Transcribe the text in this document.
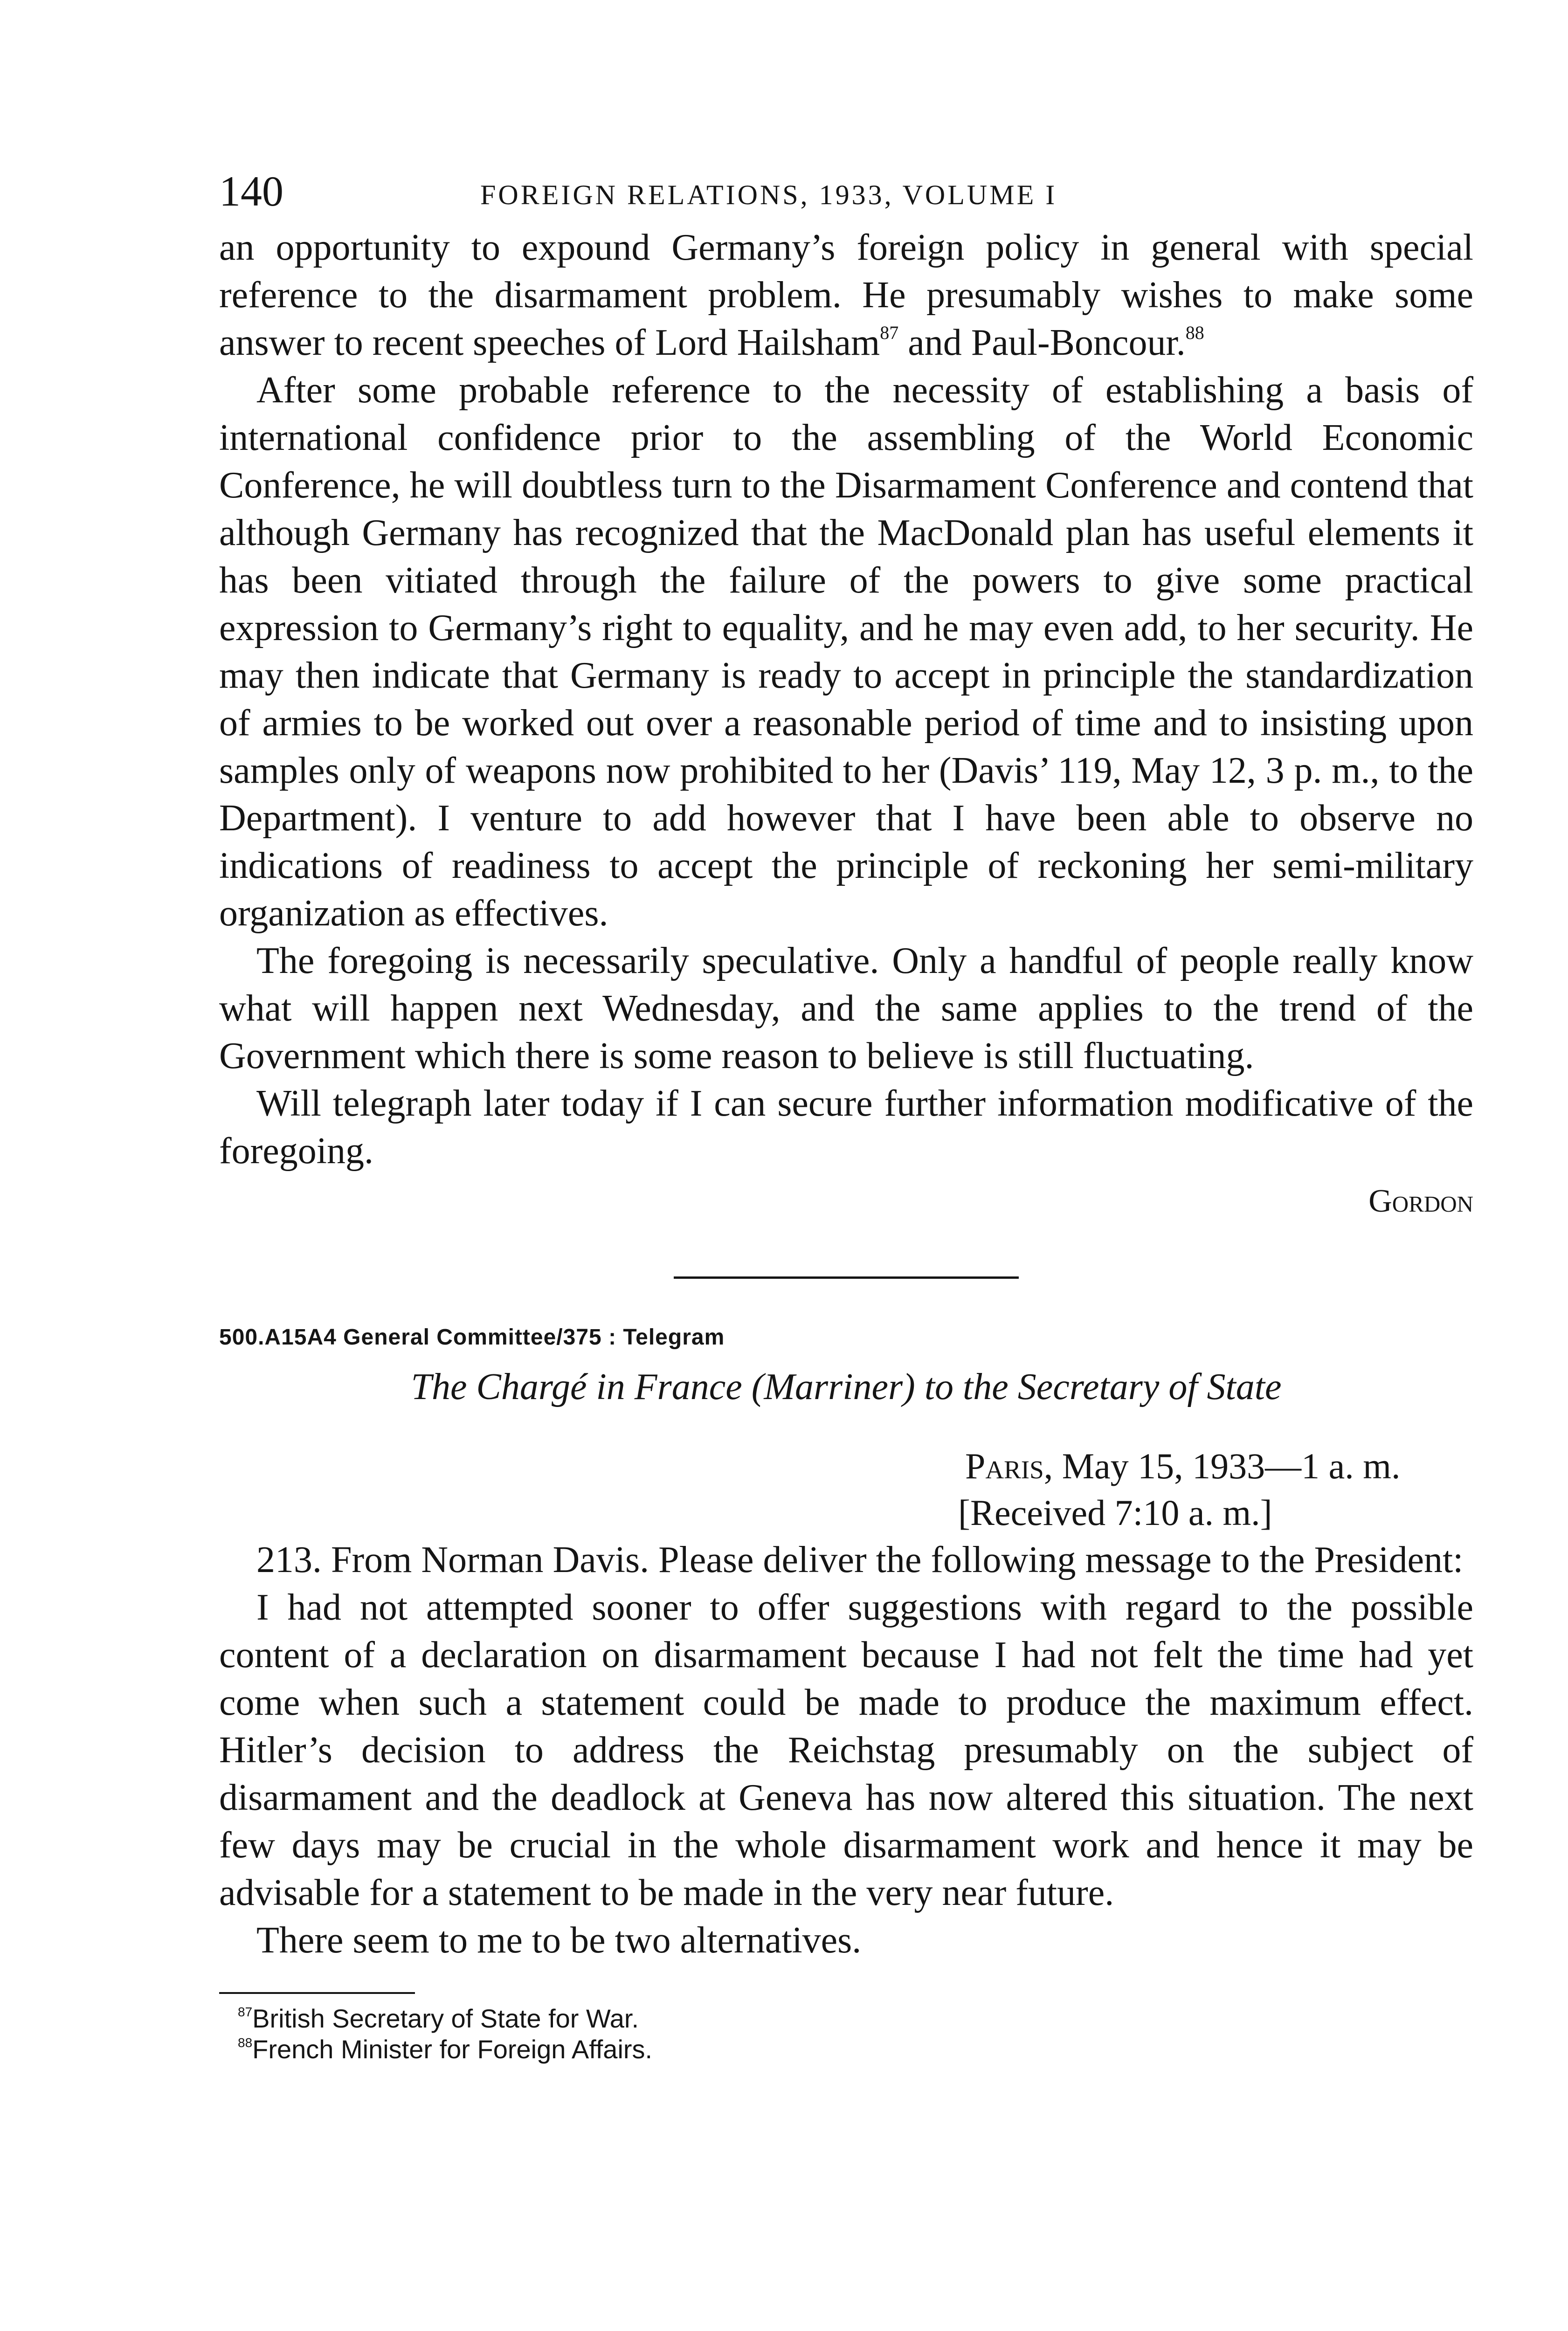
140	FOREIGN RELATIONS, 1933, VOLUME I

an opportunity to expound Germany’s foreign policy in general with special reference to the disarmament problem. He presumably wishes to make some answer to recent speeches of Lord Hailsham$^{87}$ and Paul-Boncour.$^{88}$

After some probable reference to the necessity of establishing a basis of international confidence prior to the assembling of the World Economic Conference, he will doubtless turn to the Disarmament Conference and contend that although Germany has recognized that the MacDonald plan has useful elements it has been vitiated through the failure of the powers to give some practical expression to Germany’s right to equality, and he may even add, to her security. He may then indicate that Germany is ready to accept in principle the standardization of armies to be worked out over a reasonable period of time and to insisting upon samples only of weapons now prohibited to her (Davis’ 119, May 12, 3 p. m., to the Department). I venture to add however that I have been able to observe no indications of readiness to accept the principle of reckoning her semi-military organization as effectives.

The foregoing is necessarily speculative. Only a handful of people really know what will happen next Wednesday, and the same applies to the trend of the Government which there is some reason to believe is still fluctuating.

Will telegraph later today if I can secure further information modificative of the foregoing.

Gordon
500.A15A4 General Committee/375 : Telegram
The Chargé in France (Marriner) to the Secretary of State
Paris, May 15, 1933—1 a. m.
[Received 7:10 a. m.]

213. From Norman Davis. Please deliver the following message to the President:

I had not attempted sooner to offer suggestions with regard to the possible content of a declaration on disarmament because I had not felt the time had yet come when such a statement could be made to produce the maximum effect. Hitler’s decision to address the Reichstag presumably on the subject of disarmament and the deadlock at Geneva has now altered this situation. The next few days may be crucial in the whole disarmament work and hence it may be advisable for a statement to be made in the very near future.

There seem to me to be two alternatives.

$^{87}$British Secretary of State for War.
$^{88}$French Minister for Foreign Affairs.
